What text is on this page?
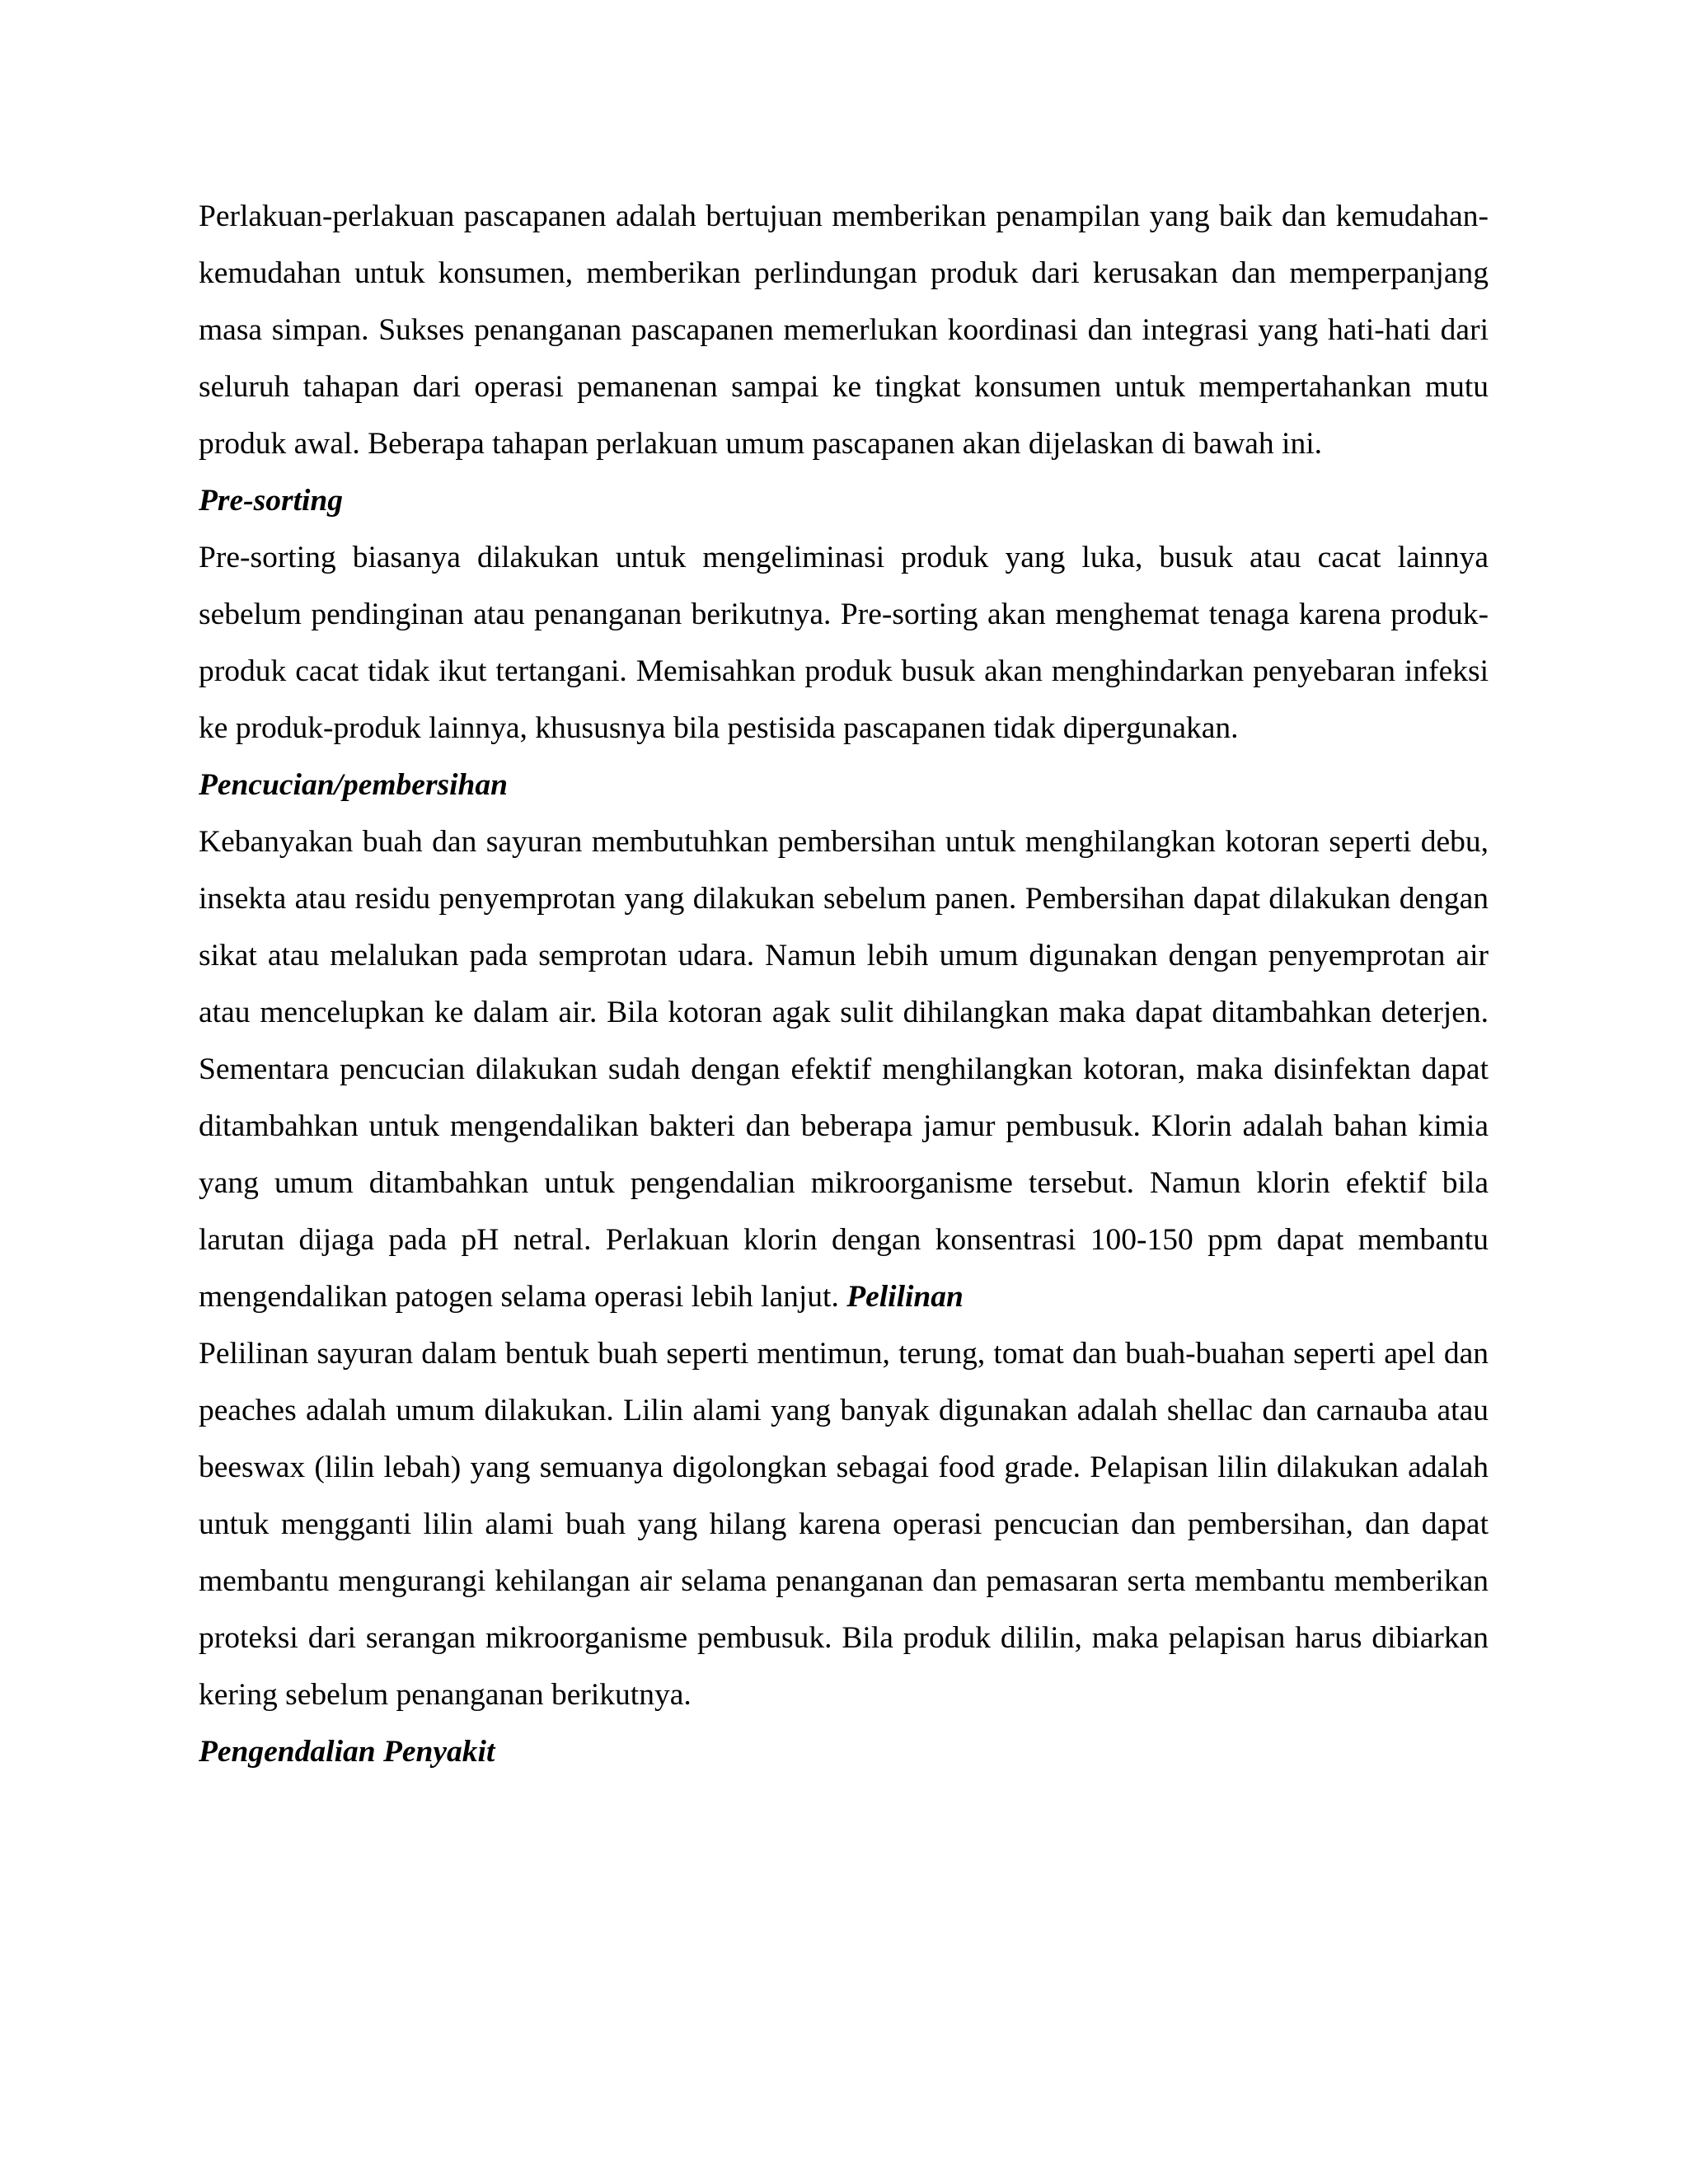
Perlakuan-perlakuan pascapanen adalah bertujuan memberikan penampilan yang baik dan kemudahan-kemudahan untuk konsumen, memberikan perlindungan produk dari kerusakan dan memperpanjang masa simpan. Sukses penanganan pascapanen memerlukan koordinasi dan integrasi yang hati-hati dari seluruh tahapan dari operasi pemanenan sampai ke tingkat konsumen untuk mempertahankan mutu produk awal. Beberapa tahapan perlakuan umum pascapanen akan dijelaskan di bawah ini.

Pre-sorting

Pre-sorting biasanya dilakukan untuk mengeliminasi produk yang luka, busuk atau cacat lainnya sebelum pendinginan atau penanganan berikutnya. Pre-sorting akan menghemat tenaga karena produk-produk cacat tidak ikut tertangani. Memisahkan produk busuk akan menghindarkan penyebaran infeksi ke produk-produk lainnya, khususnya bila pestisida pascapanen tidak dipergunakan.

Pencucian/pembersihan

Kebanyakan buah dan sayuran membutuhkan pembersihan untuk menghilangkan kotoran seperti debu, insekta atau residu penyemprotan yang dilakukan sebelum panen. Pembersihan dapat dilakukan dengan sikat atau melalukan pada semprotan udara. Namun lebih umum digunakan dengan penyemprotan air atau mencelupkan ke dalam air. Bila kotoran agak sulit dihilangkan maka dapat ditambahkan deterjen. Sementara pencucian dilakukan sudah dengan efektif menghilangkan kotoran, maka disinfektan dapat ditambahkan untuk mengendalikan bakteri dan beberapa jamur pembusuk. Klorin adalah bahan kimia yang umum ditambahkan untuk pengendalian mikroorganisme tersebut. Namun klorin efektif bila larutan dijaga pada pH netral. Perlakuan klorin dengan konsentrasi 100-150 ppm dapat membantu mengendalikan patogen selama operasi lebih lanjut. Pelilinan

Pelilinan sayuran dalam bentuk buah seperti mentimun, terung, tomat dan buah-buahan seperti apel dan peaches adalah umum dilakukan. Lilin alami yang banyak digunakan adalah shellac dan carnauba atau beeswax (lilin lebah) yang semuanya digolongkan sebagai food grade. Pelapisan lilin dilakukan adalah untuk mengganti lilin alami buah yang hilang karena operasi pencucian dan pembersihan, dan dapat membantu mengurangi kehilangan air selama penanganan dan pemasaran serta membantu memberikan proteksi dari serangan mikroorganisme pembusuk. Bila produk dililin, maka pelapisan harus dibiarkan kering sebelum penanganan berikutnya.

Pengendalian Penyakit
